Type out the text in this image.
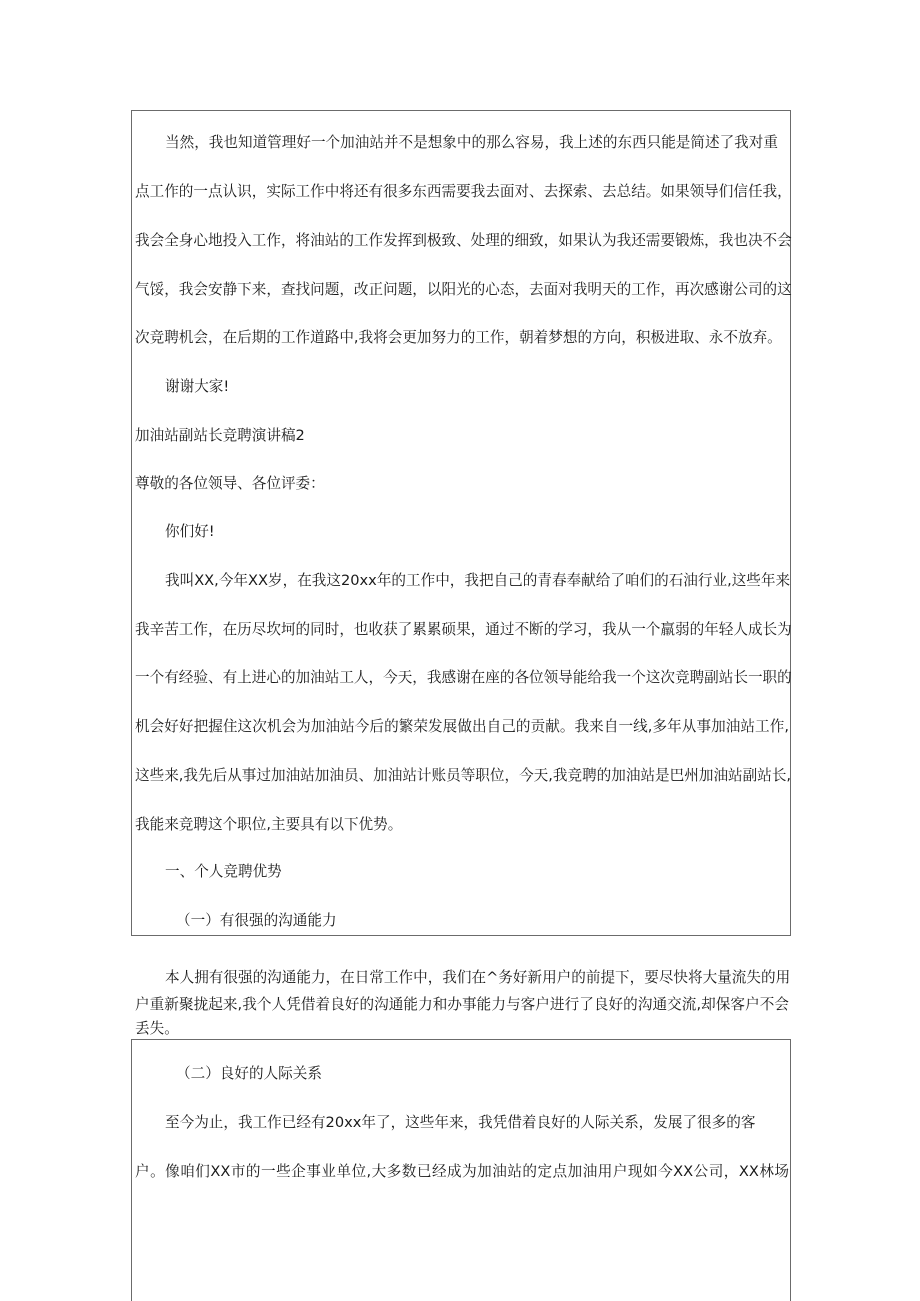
当然，我也知道管理好一个加油站并不是想象中的那么容易，我上述的东西只能是简述了我对重

点工作的一点认识，实际工作中将还有很多东西需要我去面对、去探索、去总结。如果领导们信任我，

我会全身心地投入工作，将油站的工作发挥到极致、处理的细致，如果认为我还需要锻炼，我也决不会

气馁，我会安静下来，查找问题，改正问题，以阳光的心态，去面对我明天的工作，再次感谢公司的这

次竞聘机会，在后期的工作道路中,我将会更加努力的工作，朝着梦想的方向，积极进取、永不放弃。

谢谢大家!

加油站副站长竞聘演讲稿2

尊敬的各位领导、各位评委：

你们好!

我叫XX,今年XX岁，在我这20xx年的工作中，我把自己的青春奉献给了咱们的石油行业,这些年来

我辛苦工作，在历尽坎坷的同时，也收获了累累硕果，通过不断的学习，我从一个羸弱的年轻人成长为

一个有经验、有上进心的加油站工人，今天，我感谢在座的各位领导能给我一个这次竞聘副站长一职的

机会好好把握住这次机会为加油站今后的繁荣发展做出自己的贡献。我来自一线,多年从事加油站工作,

这些来,我先后从事过加油站加油员、加油站计账员等职位，今天,我竞聘的加油站是巴州加油站副站长,

我能来竞聘这个职位,主要具有以下优势。

一、个人竞聘优势

（一）有很强的沟通能力

本人拥有很强的沟通能力，在日常工作中，我们在^务好新用户的前提下，要尽快将大量流失的用

户重新聚拢起来,我个人凭借着良好的沟通能力和办事能力与客户进行了良好的沟通交流,却保客户不会

丢失。

（二）良好的人际关系

至今为止，我工作已经有20xx年了，这些年来，我凭借着良好的人际关系，发展了很多的客

户。像咱们XX市的一些企事业单位,大多数已经成为加油站的定点加油用户现如今XX公司，XX林场
